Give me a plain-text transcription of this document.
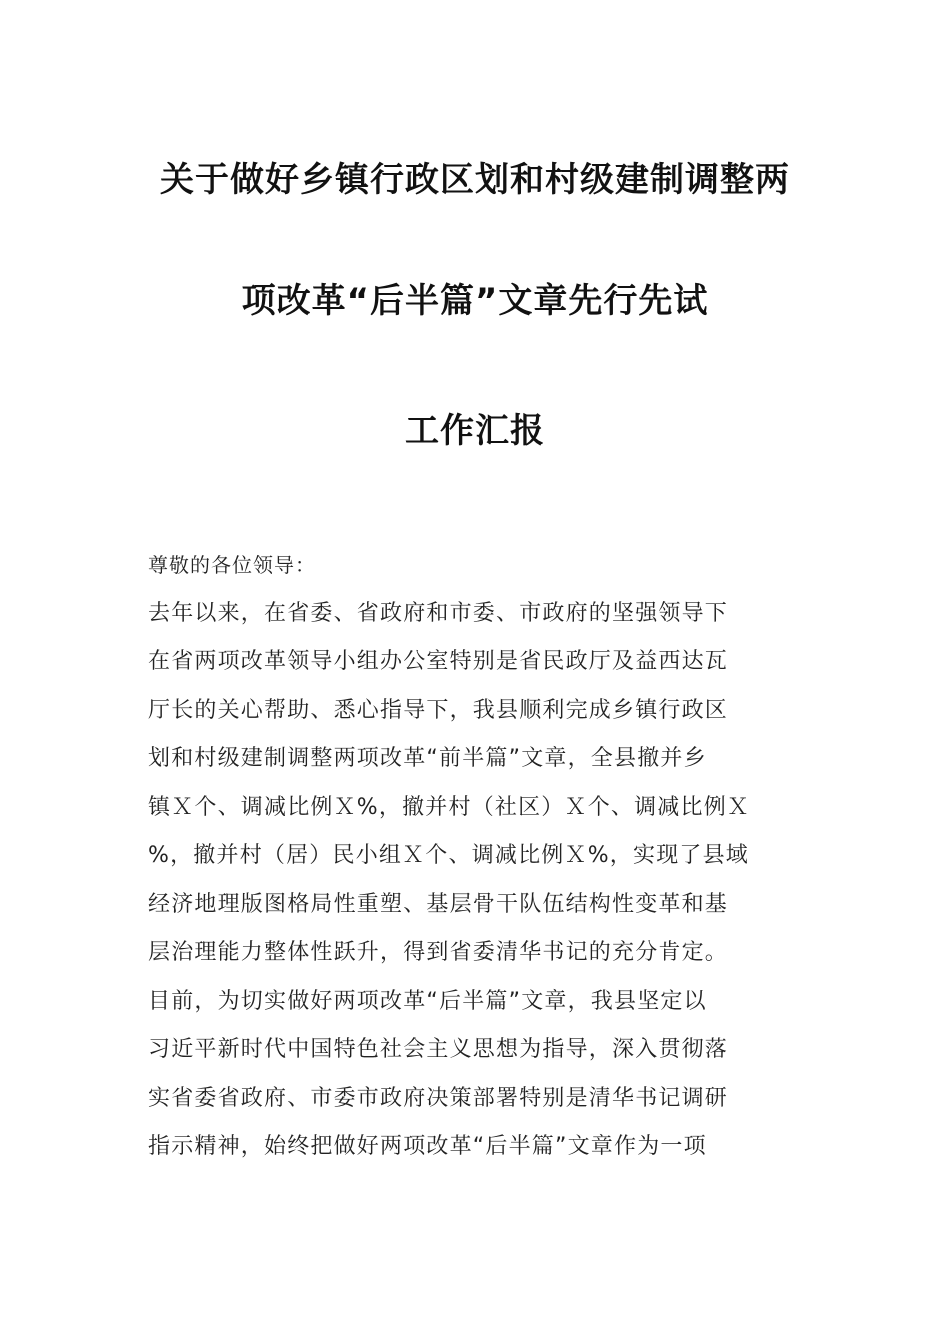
关于做好乡镇行政区划和村级建制调整两
项改革“后半篇”文章先行先试
工作汇报
尊敬的各位领导：
去年以来，在省委、省政府和市委、市政府的坚强领导下
在省两项改革领导小组办公室特别是省民政厅及益西达瓦
厅长的关心帮助、悉心指导下，我县顺利完成乡镇行政区
划和村级建制调整两项改革“前半篇”文章，全县撤并乡
镇Ｘ个、调减比例Ｘ%，撤并村（社区）Ｘ个、调减比例Ｘ
%，撤并村（居）民小组Ｘ个、调减比例Ｘ%，实现了县域
经济地理版图格局性重塑、基层骨干队伍结构性变革和基
层治理能力整体性跃升，得到省委清华书记的充分肯定。
目前，为切实做好两项改革“后半篇”文章，我县坚定以
习近平新时代中国特色社会主义思想为指导，深入贯彻落
实省委省政府、市委市政府决策部署特别是清华书记调研
指示精神，始终把做好两项改革“后半篇”文章作为一项
